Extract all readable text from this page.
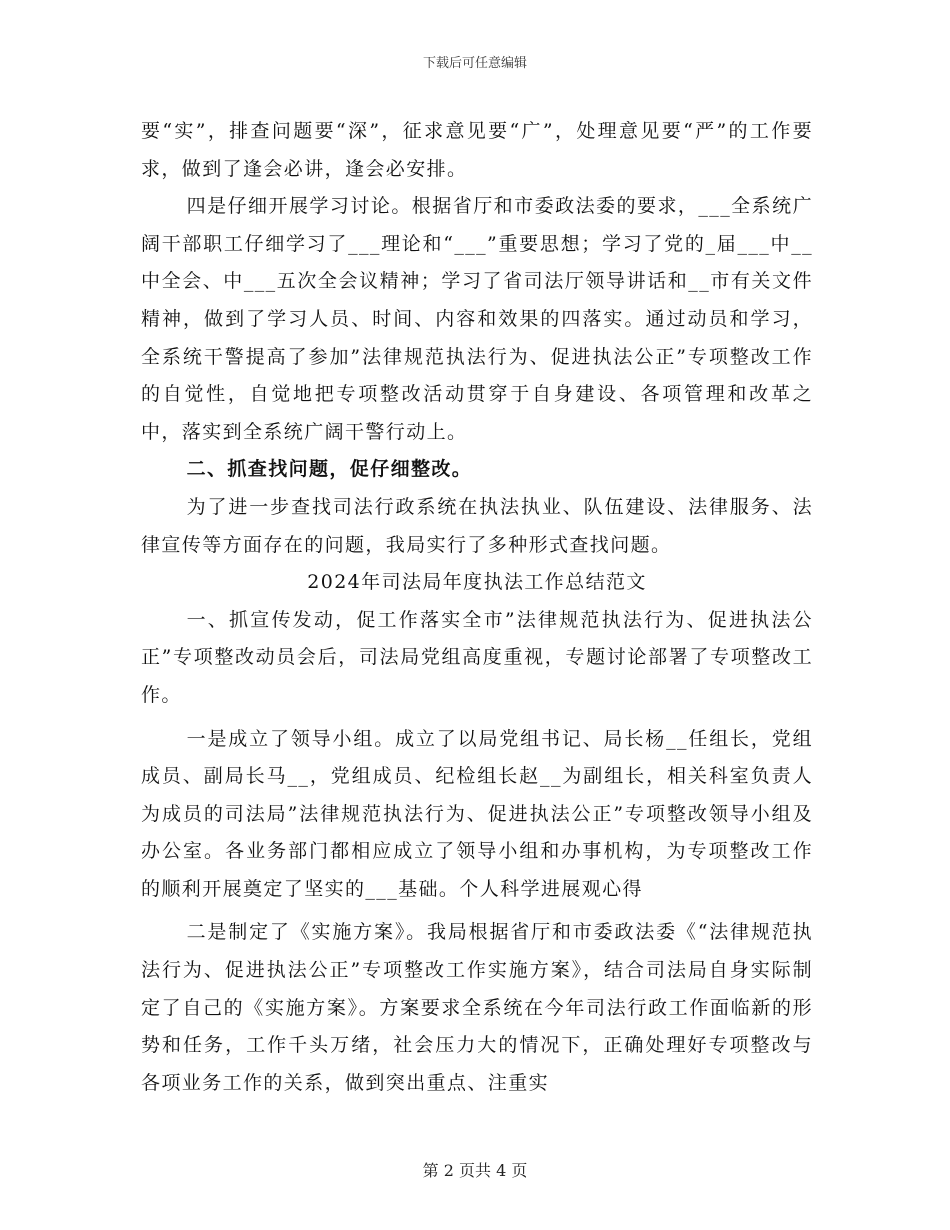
下载后可任意编辑

要“实”，排查问题要“深”，征求意见要“广”，处理意见要“严”的工作要求，做到了逢会必讲，逢会必安排。

四是仔细开展学习讨论。根据省厅和市委政法委的要求，___全系统广阔干部职工仔细学习了___理论和“___”重要思想；学习了党的_届___中__中全会、中___五次全会议精神；学习了省司法厅领导讲话和__市有关文件精神，做到了学习人员、时间、内容和效果的四落实。通过动员和学习，全系统干警提高了参加”法律规范执法行为、促进执法公正”专项整改工作的自觉性，自觉地把专项整改活动贯穿于自身建设、各项管理和改革之中，落实到全系统广阔干警行动上。

二、抓查找问题，促仔细整改。

为了进一步查找司法行政系统在执法执业、队伍建设、法律服务、法律宣传等方面存在的问题，我局实行了多种形式查找问题。

2024年司法局年度执法工作总结范文

一、抓宣传发动，促工作落实全市”法律规范执法行为、促进执法公正”专项整改动员会后，司法局党组高度重视，专题讨论部署了专项整改工作。

一是成立了领导小组。成立了以局党组书记、局长杨__任组长，党组成员、副局长马__，党组成员、纪检组长赵__为副组长，相关科室负责人为成员的司法局”法律规范执法行为、促进执法公正”专项整改领导小组及办公室。各业务部门都相应成立了领导小组和办事机构，为专项整改工作的顺利开展奠定了坚实的___基础。个人科学进展观心得

二是制定了《实施方案》。我局根据省厅和市委政法委《“法律规范执法行为、促进执法公正”专项整改工作实施方案》，结合司法局自身实际制定了自己的《实施方案》。方案要求全系统在今年司法行政工作面临新的形势和任务，工作千头万绪，社会压力大的情况下，正确处理好专项整改与各项业务工作的关系，做到突出重点、注重实

第 2 页共 4 页
